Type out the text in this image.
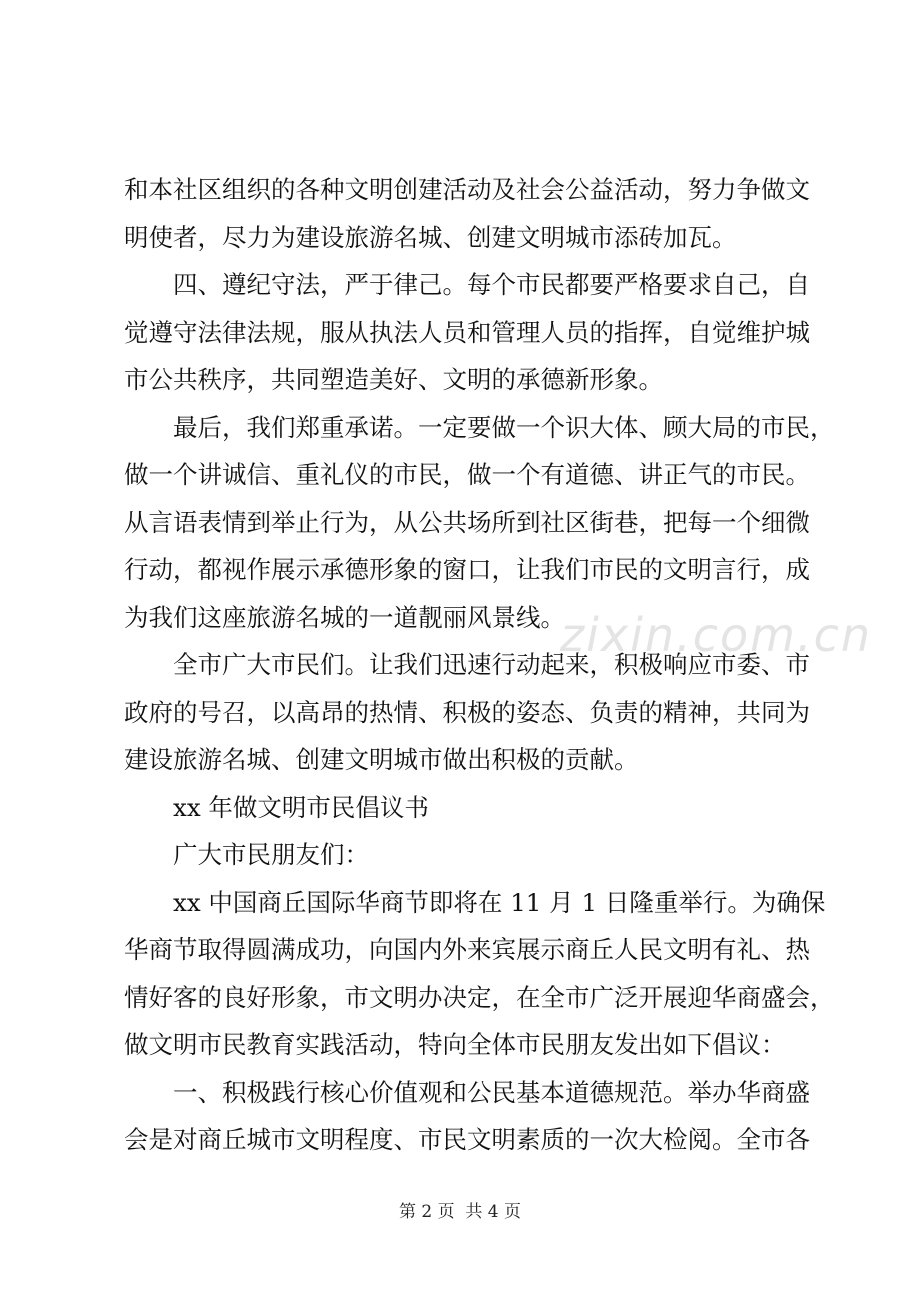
zixin.com.cn
和本社区组织的各种文明创建活动及社会公益活动，努力争做文
明使者，尽力为建设旅游名城、创建文明城市添砖加瓦。
四、遵纪守法，严于律己。每个市民都要严格要求自己，自
觉遵守法律法规，服从执法人员和管理人员的指挥，自觉维护城
市公共秩序，共同塑造美好、文明的承德新形象。
最后，我们郑重承诺。一定要做一个识大体、顾大局的市民，
做一个讲诚信、重礼仪的市民，做一个有道德、讲正气的市民。
从言语表情到举止行为，从公共场所到社区街巷，把每一个细微
行动，都视作展示承德形象的窗口，让我们市民的文明言行，成
为我们这座旅游名城的一道靓丽风景线。
全市广大市民们。让我们迅速行动起来，积极响应市委、市
政府的号召，以高昂的热情、积极的姿态、负责的精神，共同为
建设旅游名城、创建文明城市做出积极的贡献。
xx 年做文明市民倡议书
广大市民朋友们：
xx 中国商丘国际华商节即将在 11 月 1 日隆重举行。为确保
华商节取得圆满成功，向国内外来宾展示商丘人民文明有礼、热
情好客的良好形象，市文明办决定，在全市广泛开展迎华商盛会，
做文明市民教育实践活动，特向全体市民朋友发出如下倡议：
一、积极践行核心价值观和公民基本道德规范。举办华商盛
会是对商丘城市文明程度、市民文明素质的一次大检阅。全市各
第 2 页  共 4 页
